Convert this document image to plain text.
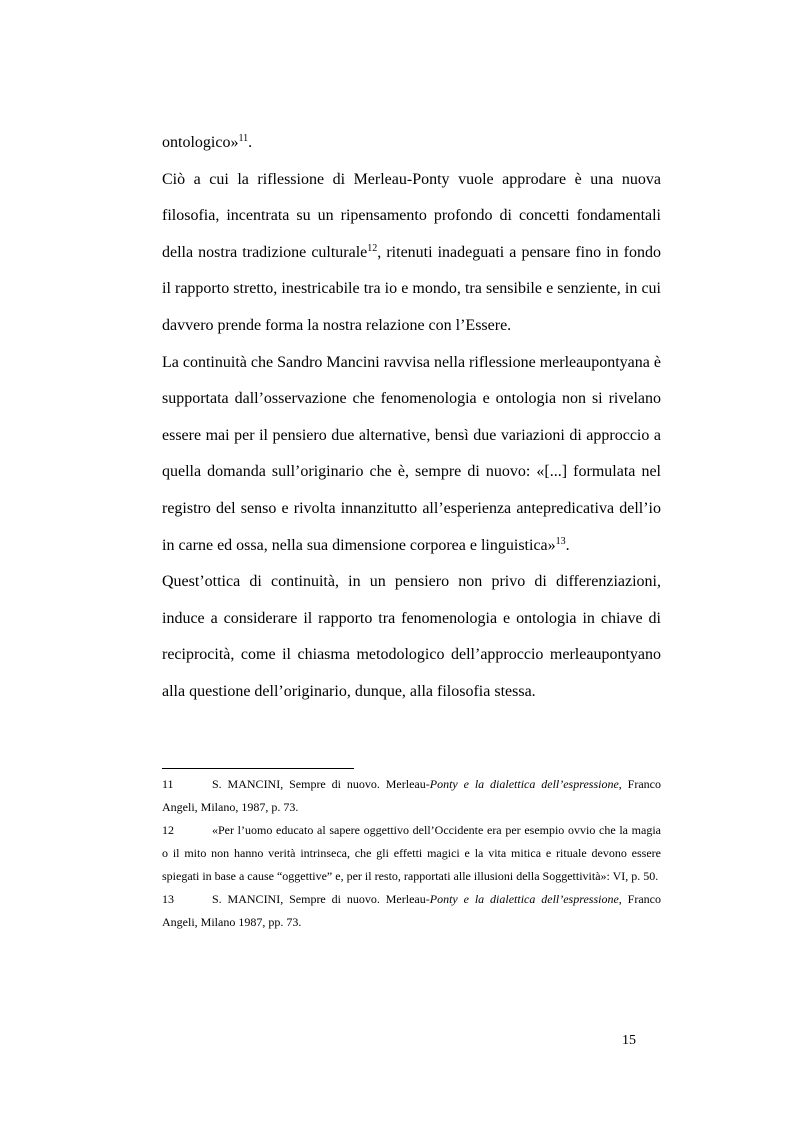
ontologico»$^{11}$.

Ciò a cui la riflessione di Merleau-Ponty vuole approdare è una nuova filosofia, incentrata su un ripensamento profondo di concetti fondamentali della nostra tradizione culturale$^{12}$, ritenuti inadeguati a pensare fino in fondo il rapporto stretto, inestricabile tra io e mondo, tra sensibile e senziente, in cui davvero prende forma la nostra relazione con l’Essere.

La continuità che Sandro Mancini ravvisa nella riflessione merleaupontyana è supportata dall’osservazione che fenomenologia e ontologia non si rivelano essere mai per il pensiero due alternative, bensì due variazioni di approccio a quella domanda sull’originario che è, sempre di nuovo: «[...] formulata nel registro del senso e rivolta innanzitutto all’esperienza antepredicativa dell’io in carne ed ossa, nella sua dimensione corporea e linguistica»$^{13}$.

Quest’ottica di continuità, in un pensiero non privo di differenziazioni, induce a considerare il rapporto tra fenomenologia e ontologia in chiave di reciprocità, come il chiasma metodologico dell’approccio merleaupontyano alla questione dell’originario, dunque, alla filosofia stessa.

11	S. MANCINI, Sempre di nuovo. Merleau-Ponty e la dialettica dell’espressione, Franco Angeli, Milano, 1987, p. 73.

12	«Per l’uomo educato al sapere oggettivo dell’Occidente era per esempio ovvio che la magia o il mito non hanno verità intrinseca, che gli effetti magici e la vita mitica e rituale devono essere spiegati in base a cause “oggettive” e, per il resto, rapportati alle illusioni della Soggettività»: VI, p. 50.

13	S. MANCINI, Sempre di nuovo. Merleau-Ponty e la dialettica dell’espressione, Franco Angeli, Milano 1987, pp. 73.

15
